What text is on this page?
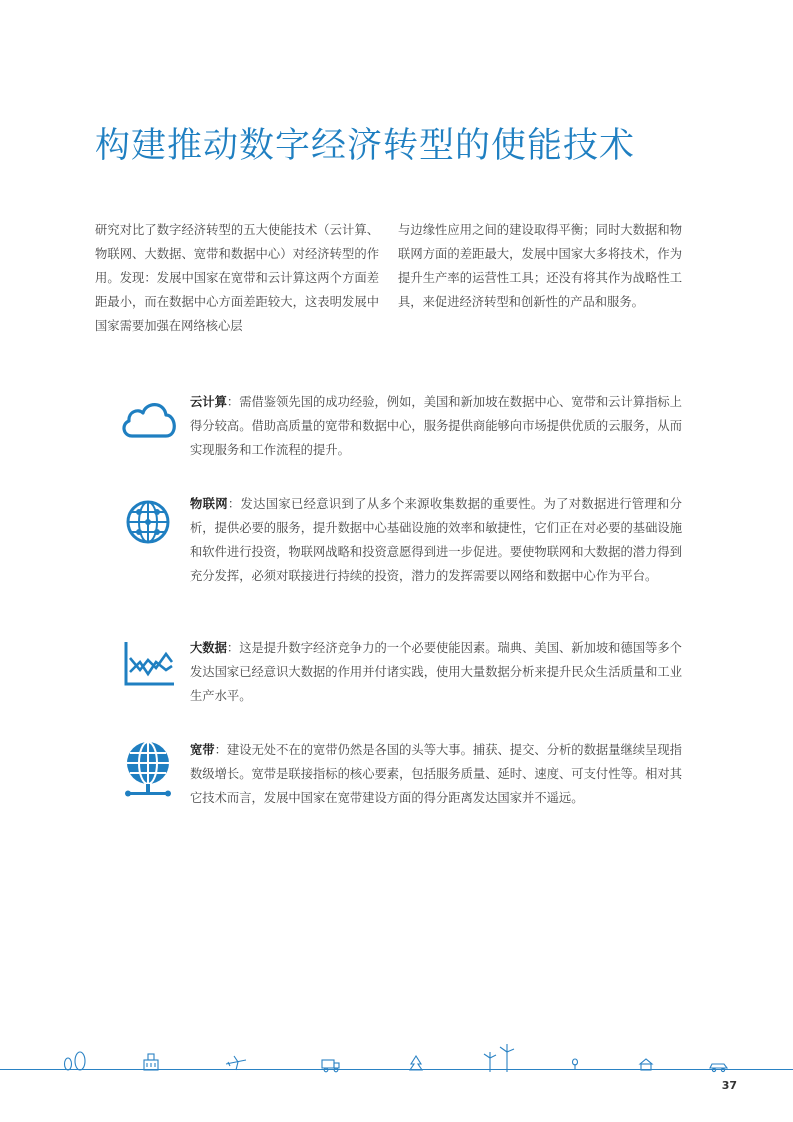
构建推动数字经济转型的使能技术
研究对比了数字经济转型的五大使能技术（云计算、物联网、大数据、宽带和数据中心）对经济转型的作用。发现：发展中国家在宽带和云计算这两个方面差距最小，而在数据中心方面差距较大，这表明发展中国家需要加强在网络核心层
与边缘性应用之间的建设取得平衡；同时大数据和物联网方面的差距最大，发展中国家大多将技术，作为提升生产率的运营性工具；还没有将其作为战略性工具，来促进经济转型和创新性的产品和服务。
云计算：需借鉴领先国的成功经验，例如，美国和新加坡在数据中心、宽带和云计算指标上得分较高。借助高质量的宽带和数据中心，服务提供商能够向市场提供优质的云服务，从而实现服务和工作流程的提升。
物联网：发达国家已经意识到了从多个来源收集数据的重要性。为了对数据进行管理和分析，提供必要的服务，提升数据中心基础设施的效率和敏捷性，它们正在对必要的基础设施和软件进行投资，物联网战略和投资意愿得到进一步促进。要使物联网和大数据的潜力得到充分发挥，必须对联接进行持续的投资，潜力的发挥需要以网络和数据中心作为平台。
大数据：这是提升数字经济竞争力的一个必要使能因素。瑞典、美国、新加坡和德国等多个发达国家已经意识大数据的作用并付诸实践，使用大量数据分析来提升民众生活质量和工业生产水平。
宽带：建设无处不在的宽带仍然是各国的头等大事。捕获、提交、分析的数据量继续呈现指数级增长。宽带是联接指标的核心要素，包括服务质量、延时、速度、可支付性等。相对其它技术而言，发展中国家在宽带建设方面的得分距离发达国家并不遥远。
37
